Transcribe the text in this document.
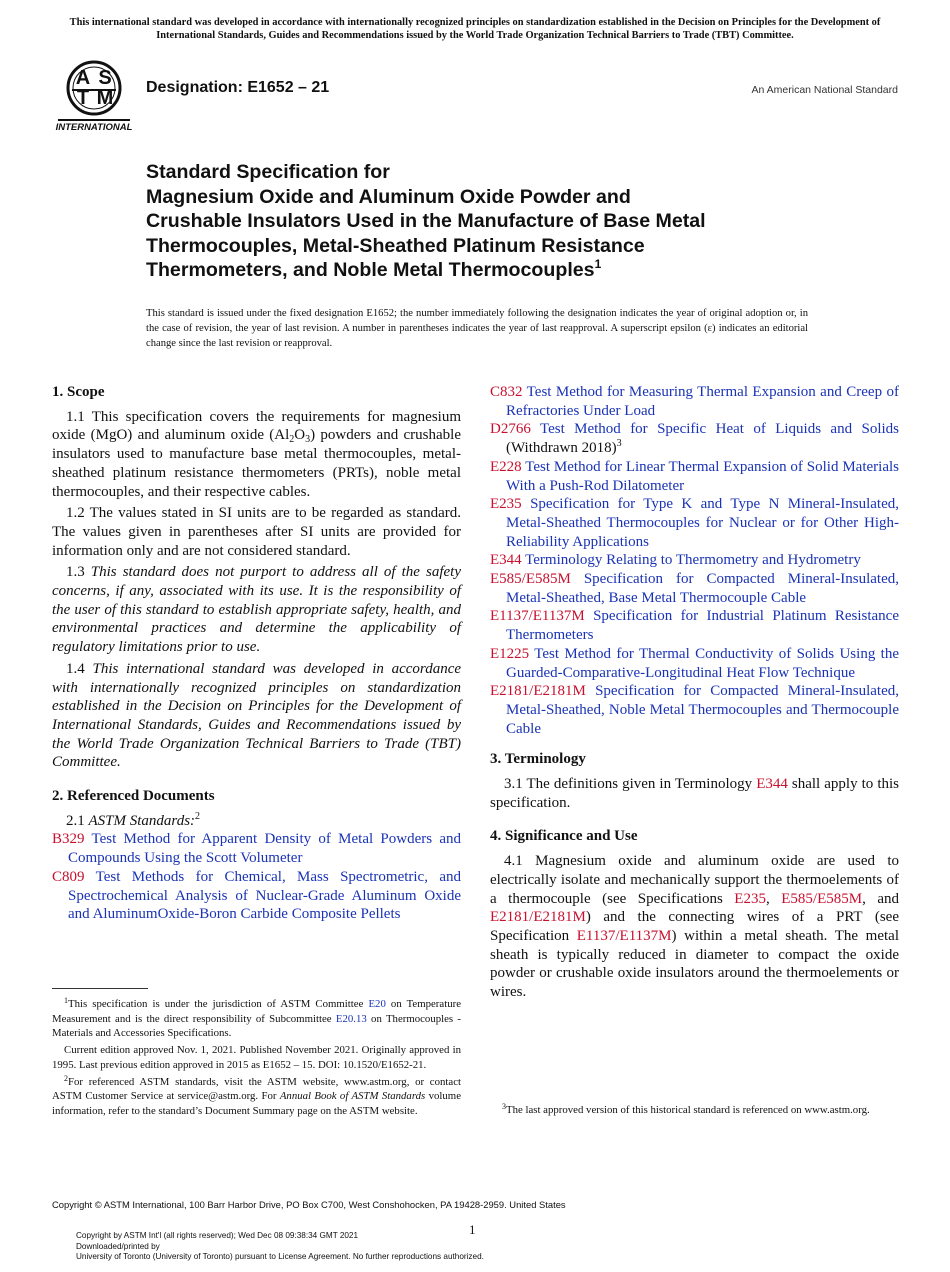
This international standard was developed in accordance with internationally recognized principles on standardization established in the Decision on Principles for the Development of International Standards, Guides and Recommendations issued by the World Trade Organization Technical Barriers to Trade (TBT) Committee.
A S
T M
INTERNATIONAL
Designation: E1652 – 21	An American National Standard
Standard Specification for
Magnesium Oxide and Aluminum Oxide Powder and
Crushable Insulators Used in the Manufacture of Base Metal
Thermocouples, Metal-Sheathed Platinum Resistance
Thermometers, and Noble Metal Thermocouples$^1$
This standard is issued under the fixed designation E1652; the number immediately following the designation indicates the year of original adoption or, in the case of revision, the year of last revision. A number in parentheses indicates the year of last reapproval. A superscript epsilon (ε) indicates an editorial change since the last revision or reapproval.
1. Scope

1.1 This specification covers the requirements for magnesium oxide (MgO) and aluminum oxide $(Al_2O_3)$ powders and crushable insulators used to manufacture base metal thermocouples, metal-sheathed platinum resistance thermometers (PRTs), noble metal thermocouples, and their respective cables.

1.2 The values stated in SI units are to be regarded as standard. The values given in parentheses after SI units are provided for information only and are not considered standard.

1.3 This standard does not purport to address all of the safety concerns, if any, associated with its use. It is the responsibility of the user of this standard to establish appropriate safety, health, and environmental practices and determine the applicability of regulatory limitations prior to use.

1.4 This international standard was developed in accordance with internationally recognized principles on standardization established in the Decision on Principles for the Development of International Standards, Guides and Recommendations issued by the World Trade Organization Technical Barriers to Trade (TBT) Committee.

2. Referenced Documents

2.1 ASTM Standards:$^2$

B329 Test Method for Apparent Density of Metal Powders and Compounds Using the Scott Volumeter

C809 Test Methods for Chemical, Mass Spectrometric, and Spectrochemical Analysis of Nuclear-Grade Aluminum Oxide and AluminumOxide-Boron Carbide Composite Pellets

C832 Test Method for Measuring Thermal Expansion and Creep of Refractories Under Load

D2766 Test Method for Specific Heat of Liquids and Solids (Withdrawn 2018)$^3$

E228 Test Method for Linear Thermal Expansion of Solid Materials With a Push-Rod Dilatometer

E235 Specification for Type K and Type N Mineral-Insulated, Metal-Sheathed Thermocouples for Nuclear or for Other High-Reliability Applications

E344 Terminology Relating to Thermometry and Hydrometry

E585/E585M Specification for Compacted Mineral-Insulated, Metal-Sheathed, Base Metal Thermocouple Cable

E1137/E1137M Specification for Industrial Platinum Resistance Thermometers

E1225 Test Method for Thermal Conductivity of Solids Using the Guarded-Comparative-Longitudinal Heat Flow Technique

E2181/E2181M Specification for Compacted Mineral-Insulated, Metal-Sheathed, Noble Metal Thermocouples and Thermocouple Cable

3. Terminology

3.1 The definitions given in Terminology E344 shall apply to this specification.

4. Significance and Use

4.1 Magnesium oxide and aluminum oxide are used to electrically isolate and mechanically support the thermoelements of a thermocouple (see Specifications E235, E585/E585M, and E2181/E2181M) and the connecting wires of a PRT (see Specification E1137/E1137M) within a metal sheath. The metal sheath is typically reduced in diameter to compact the oxide powder or crushable oxide insulators around the thermoelements or wires.

$^1$This specification is under the jurisdiction of ASTM Committee E20 on Temperature Measurement and is the direct responsibility of Subcommittee E20.13 on Thermocouples - Materials and Accessories Specifications.

Current edition approved Nov. 1, 2021. Published November 2021. Originally approved in 1995. Last previous edition approved in 2015 as E1652 – 15. DOI: 10.1520/E1652-21.

$^2$For referenced ASTM standards, visit the ASTM website, www.astm.org, or contact ASTM Customer Service at service@astm.org. For Annual Book of ASTM Standards volume information, refer to the standard’s Document Summary page on the ASTM website.	$^3$The last approved version of this historical standard is referenced on www.astm.org.

Copyright © ASTM International, 100 Barr Harbor Drive, PO Box C700, West Conshohocken, PA 19428-2959. United States
1
Copyright by ASTM Int'l (all rights reserved); Wed Dec 08 09:38:34 GMT 2021
Downloaded/printed by
University of Toronto (University of Toronto) pursuant to License Agreement. No further reproductions authorized.
